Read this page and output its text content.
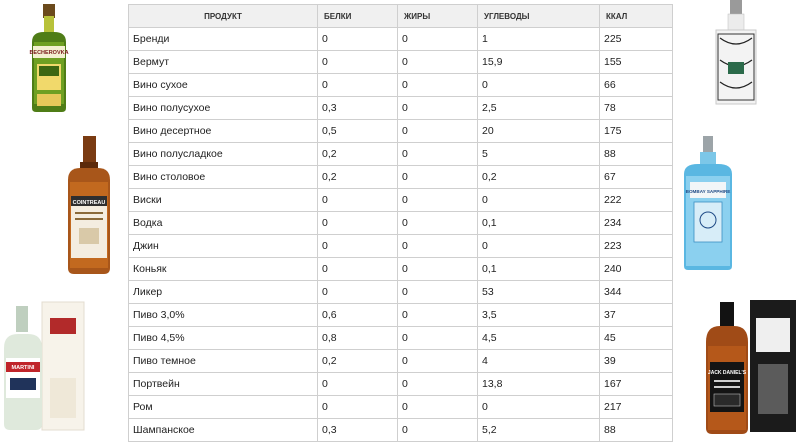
ПРОДУКТ	БЕЛКИ	ЖИРЫ	УГЛЕВОДЫ	ККАЛ
Бренди	0	0	1	225
Вермут	0	0	15,9	155
Вино сухое	0	0	0	66
Вино полусухое	0,3	0	2,5	78
Вино десертное	0,5	0	20	175
Вино полусладкое	0,2	0	5	88
Вино столовое	0,2	0	0,2	67
Виски	0	0	0	222
Водка	0	0	0,1	234
Джин	0	0	0	223
Коньяк	0	0	0,1	240
Ликер	0	0	53	344
Пиво 3,0%	0,6	0	3,5	37
Пиво 4,5%	0,8	0	4,5	45
Пиво темное	0,2	0	4	39
Портвейн	0	0	13,8	167
Ром	0	0	0	217
Шампанское	0,3	0	5,2	88
BECHEROVKA
COINTREAU
MARTINI
BOMBAY SAPPHIRE
JACK DANIEL'S
